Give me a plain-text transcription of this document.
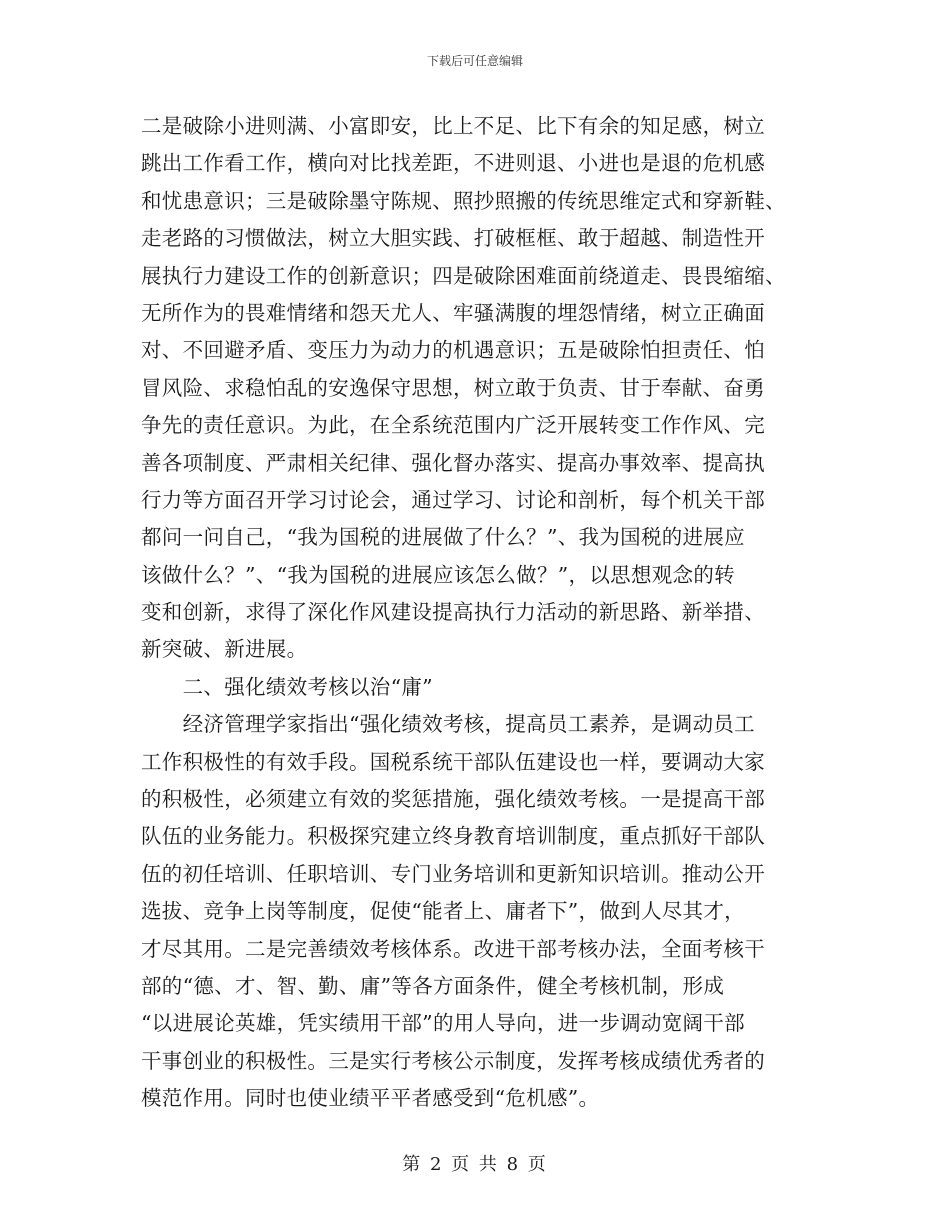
下载后可任意编辑
二是破除小进则满、小富即安，比上不足、比下有余的知足感，树立
跳出工作看工作，横向对比找差距，不进则退、小进也是退的危机感
和忧患意识；三是破除墨守陈规、照抄照搬的传统思维定式和穿新鞋、
走老路的习惯做法，树立大胆实践、打破框框、敢于超越、制造性开
展执行力建设工作的创新意识；四是破除困难面前绕道走、畏畏缩缩、
无所作为的畏难情绪和怨天尤人、牢骚满腹的埋怨情绪，树立正确面
对、不回避矛盾、变压力为动力的机遇意识；五是破除怕担责任、怕
冒风险、求稳怕乱的安逸保守思想，树立敢于负责、甘于奉献、奋勇
争先的责任意识。为此，在全系统范围内广泛开展转变工作作风、完
善各项制度、严肃相关纪律、强化督办落实、提高办事效率、提高执
行力等方面召开学习讨论会，通过学习、讨论和剖析，每个机关干部
都问一问自己，“我为国税的进展做了什么？”、我为国税的进展应
该做什么？”、“我为国税的进展应该怎么做？”，以思想观念的转
变和创新，求得了深化作风建设提高执行力活动的新思路、新举措、
新突破、新进展。
　　二、强化绩效考核以治“庸”
　　经济管理学家指出“强化绩效考核，提高员工素养，是调动员工
工作积极性的有效手段。国税系统干部队伍建设也一样，要调动大家
的积极性，必须建立有效的奖惩措施，强化绩效考核。一是提高干部
队伍的业务能力。积极探究建立终身教育培训制度，重点抓好干部队
伍的初任培训、任职培训、专门业务培训和更新知识培训。推动公开
选拔、竞争上岗等制度，促使“能者上、庸者下”，做到人尽其才，
才尽其用。二是完善绩效考核体系。改进干部考核办法，全面考核干
部的“德、才、智、勤、庸”等各方面条件，健全考核机制，形成
“以进展论英雄，凭实绩用干部”的用人导向，进一步调动宽阔干部
干事创业的积极性。三是实行考核公示制度，发挥考核成绩优秀者的
模范作用。同时也使业绩平平者感受到“危机感”。
第 2 页 共 8 页
